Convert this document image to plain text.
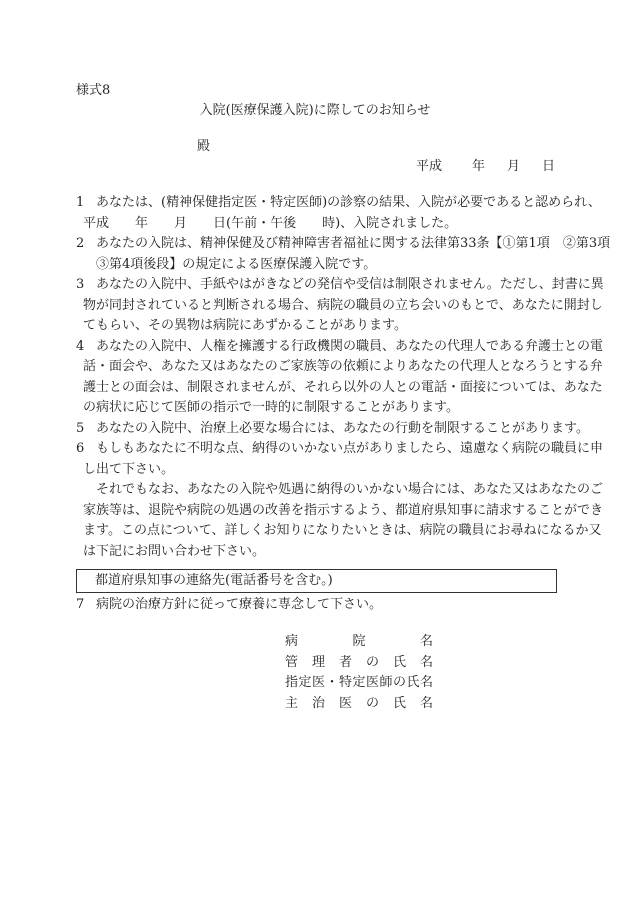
様式8
入院(医療保護入院)に際してのお知らせ
殿
平成 年 月 日
1 あなたは、(精神保健指定医・特定医師)の診察の結果、入院が必要であると認められ、
平成　　年　　月　　日(午前・午後　　時)、入院されました。
2 あなたの入院は、精神保健及び精神障害者福祉に関する法律第33条【①第1項　②第3項
③第4項後段】の規定による医療保護入院です。
3 あなたの入院中、手紙やはがきなどの発信や受信は制限されません。ただし、封書に異
物が同封されていると判断される場合、病院の職員の立ち会いのもとで、あなたに開封し
てもらい、その異物は病院にあずかることがあります。
4 あなたの入院中、人権を擁護する行政機関の職員、あなたの代理人である弁護士との電
話・面会や、あなた又はあなたのご家族等の依頼によりあなたの代理人となろうとする弁
護士との面会は、制限されませんが、それら以外の人との電話・面接については、あなた
の病状に応じて医師の指示で一時的に制限することがあります。
5 あなたの入院中、治療上必要な場合には、あなたの行動を制限することがあります。
6 もしもあなたに不明な点、納得のいかない点がありましたら、遠慮なく病院の職員に申
し出て下さい。
　それでもなお、あなたの入院や処遇に納得のいかない場合には、あなた又はあなたのご
家族等は、退院や病院の処遇の改善を指示するよう、都道府県知事に請求することができ
ます。この点について、詳しくお知りになりたいときは、病院の職員にお尋ねになるか又
は下記にお問い合わせ下さい。
都道府県知事の連絡先(電話番号を含む。)
7 病院の治療方針に従って療養に専念して下さい。
病院名
管理者の氏名
指定医・特定医師の氏名
主治医の氏名
